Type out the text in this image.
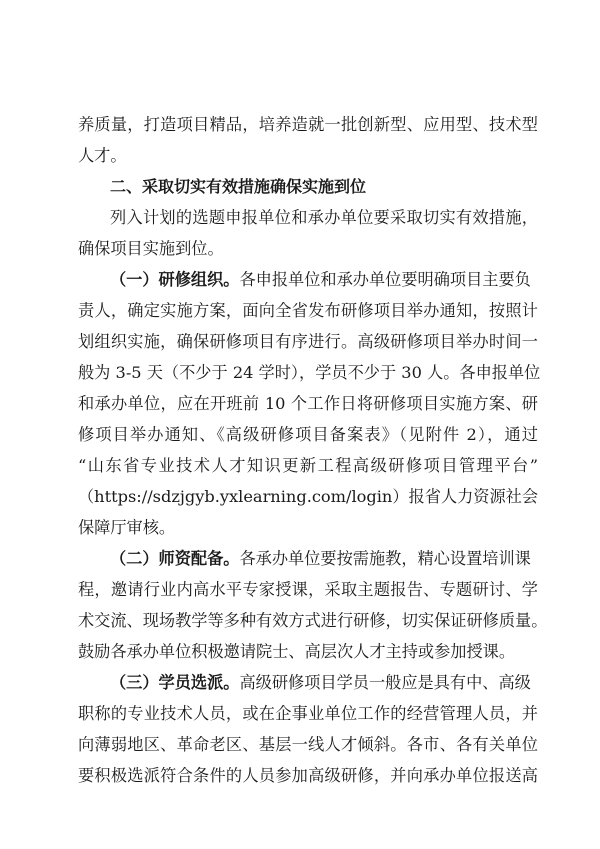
养质量，打造项目精品，培养造就一批创新型、应用型、技术型
人才。
二、采取切实有效措施确保实施到位
列入计划的选题申报单位和承办单位要采取切实有效措施，
确保项目实施到位。
（一）研修组织。各申报单位和承办单位要明确项目主要负
责人，确定实施方案，面向全省发布研修项目举办通知，按照计
划组织实施，确保研修项目有序进行。高级研修项目举办时间一
般为 3-5 天（不少于 24 学时），学员不少于 30 人。各申报单位
和承办单位，应在开班前 10 个工作日将研修项目实施方案、研
修项目举办通知、《高级研修项目备案表》（见附件 2），通过
“山东省专业技术人才知识更新工程高级研修项目管理平台”
（https://sdzjgyb.yxlearning.com/login）报省人力资源社会
保障厅审核。
（二）师资配备。各承办单位要按需施教，精心设置培训课
程，邀请行业内高水平专家授课，采取主题报告、专题研讨、学
术交流、现场教学等多种有效方式进行研修，切实保证研修质量。
鼓励各承办单位积极邀请院士、高层次人才主持或参加授课。
（三）学员选派。高级研修项目学员一般应是具有中、高级
职称的专业技术人员，或在企事业单位工作的经营管理人员，并
向薄弱地区、革命老区、基层一线人才倾斜。各市、各有关单位
要积极选派符合条件的人员参加高级研修，并向承办单位报送高
